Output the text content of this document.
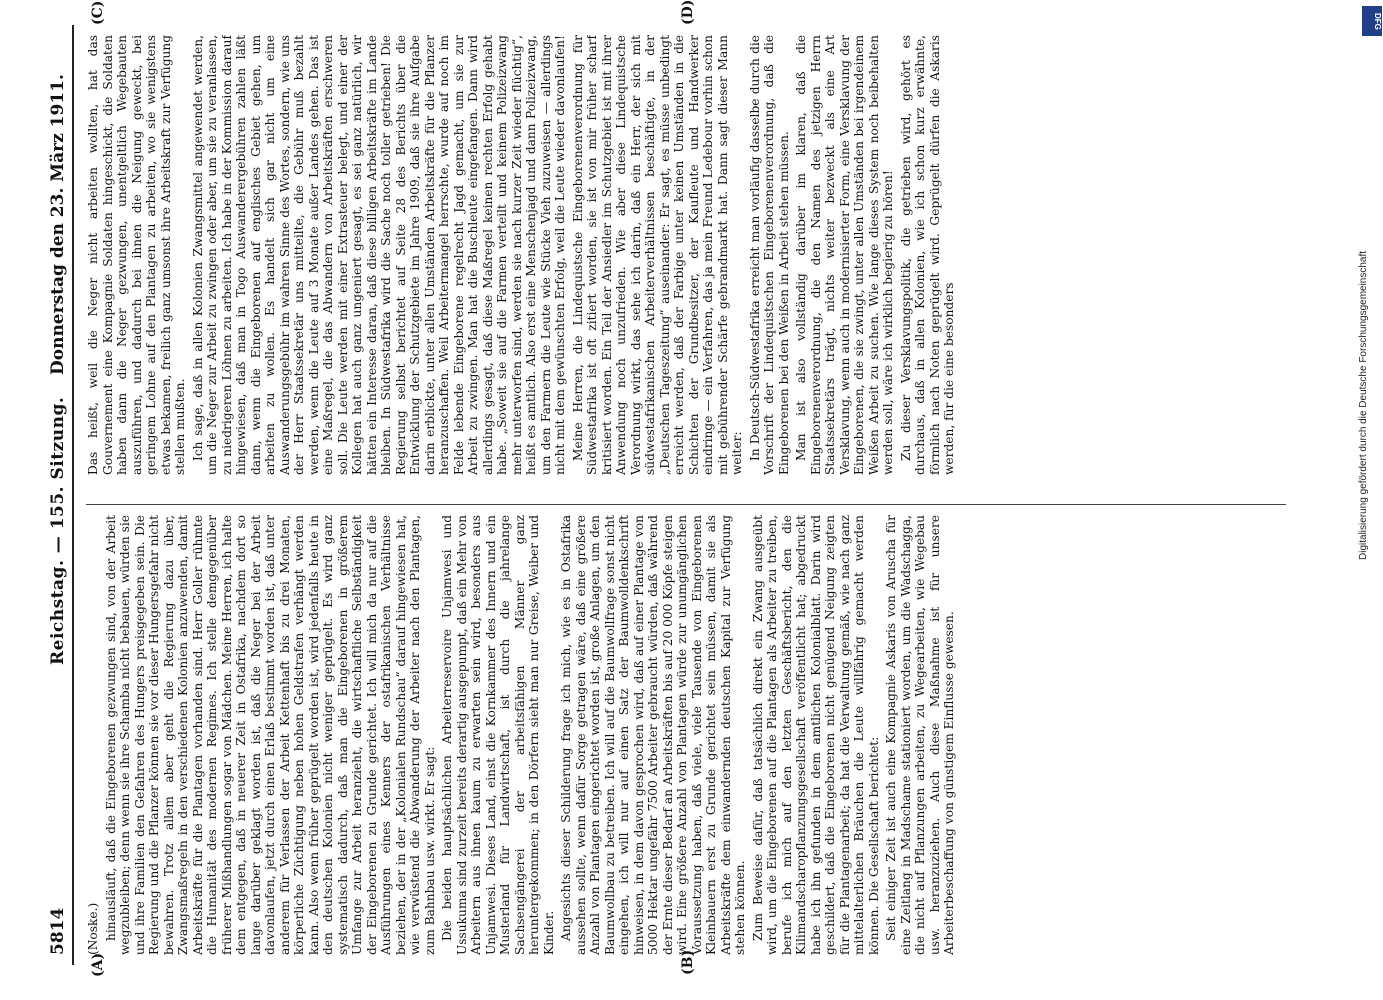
5814
Reichstag. — 155. Sitzung.
Donnerstag den 23. März 1911.
(A)	(B)
(C)	(D)

(Noske.) hinausläuft, daß die Eingeborenen gezwungen sind, von der Arbeit wegzubleiben; denn wenn sie ihre Schamba nicht bebauen, würden sie und ihre Familien den Gefahren des Hungers preisgegeben sein. Die Regierung und die Pflanzer können sie vor dieser Hungersgefahr nicht bewahren. Trotz allem aber geht die Regierung dazu über, Zwangsmaßregeln in den verschiedenen Kolonien anzuwenden, damit Arbeitskräfte für die Plantagen vorhanden sind. Herr Goller rühmte die Humanität des modernen Regimes. Ich stelle demgegenüber früherer Mißhandlungen sogar von Mädchen. Meine Herren, ich halte dem entgegen, daß in neuerer Zeit in Ostafrika, nachdem dort so lange darüber geklagt worden ist, daß die Neger bei der Arbeit davonlaufen, jetzt durch einen Erlaß bestimmt worden ist, daß unter anderem für Verlassen der Arbeit Kettenhaft bis zu drei Monaten, körperliche Züchtigung neben hohen Geldstrafen verhängt werden kann. Also wenn früher geprügelt worden ist, wird jedenfalls heute in den deutschen Kolonien nicht weniger geprügelt. Es wird ganz systematisch dadurch, daß man die Eingeborenen in größerem Umfange zur Arbeit heranzieht, die wirtschaftliche Selbständigkeit der Eingeborenen zu Grunde gerichtet. Ich will mich da nur auf die Ausführungen eines Kenners der ostafrikanischen Verhältnisse beziehen, der in der „Kolonialen Rundschau“ darauf hingewiesen hat, wie verwüstend die Abwanderung der Arbeiter nach den Plantagen, zum Bahnbau usw. wirkt. Er sagt: Die beiden hauptsächlichen Arbeiterreservoire Unjamwesi und Ussukuma sind zurzeit bereits derartig ausgepumpt, daß ein Mehr von Arbeitern aus ihnen kaum zu erwarten sein wird, besonders aus Unjamwesi. Dieses Land, einst die Kornkammer des Innern und ein Musterland für Landwirtschaft, ist durch die jahrelange Sachsengängerei der arbeitsfähigen Männer ganz heruntergekommen; in den Dörfern sieht man nur Greise, Weiber und Kinder. Angesichts dieser Schilderung frage ich mich, wie es in Ostafrika aussehen sollte, wenn dafür Sorge getragen wäre, daß eine größere Anzahl von Plantagen eingerichtet worden ist, große Anlagen, um den Baumwollbau zu betreiben. Ich will auf die Baumwollfrage sonst nicht eingehen, ich will nur auf einen Satz der Baumwolldenkschrift hinweisen, in dem davon gesprochen wird, daß auf einer Plantage von 5000 Hektar ungefähr 7500 Arbeiter gebraucht würden, daß während der Ernte dieser Bedarf an Arbeitskräften bis auf 20 000 Köpfe steigen wird. Eine größere Anzahl von Plantagen würde zur unumgänglichen Voraussetzung haben, daß viele, viele Tausende von Eingeborenen Kleinbauern erst zu Grunde gerichtet sein müssen, damit sie als Arbeitskräfte dem einwandernden deutschen Kapital zur Verfügung stehen können. Zum Beweise dafür, daß tatsächlich direkt ein Zwang ausgeübt wird, um die Eingeborenen auf die Plantagen als Arbeiter zu treiben, berufe ich mich auf den letzten Geschäftsbericht, den die Kilimandscharopflanzungsgesellschaft veröffentlicht hat; abgedruckt habe ich ihn gefunden in dem amtlichen Kolonialblatt. Darin wird geschildert, daß die Eingeborenen nicht genügend Neigung zeigten für die Plantagenarbeit; da hat die Verwaltung gemäß, wie nach ganz mittelalterlichen Bräuchen die Leute willfährig gemacht werden können. Die Gesellschaft berichtet: Seit einiger Zeit ist auch eine Kompagnie Askaris von Aruscha für eine Zeitlang in Madschame stationiert worden, um die Wadschagga, die nicht auf Pflanzungen arbeiten, zu Wegearbeiten, wie Wegebau usw. heranzuziehen. Auch diese Maßnahme ist für unsere Arbeiterbeschaffung von günstigem Einflusse gewesen.

Das heißt, weil die Neger nicht arbeiten wollten, hat das Gouvernement eine Kompagnie Soldaten hingeschickt, die Soldaten haben dann die Neger gezwungen, unentgeltlich Wegebauten auszuführen, und dadurch bei ihnen die Neigung geweckt, bei geringem Lohne auf den Plantagen zu arbeiten, wo sie wenigstens etwas bekamen, freilich ganz umsonst ihre Arbeitskraft zur Verfügung stellen mußten. Ich sage, daß in allen Kolonien Zwangsmittel angewendet werden, um die Neger zur Arbeit zu zwingen oder aber, um sie zu veranlassen, zu niedrigeren Löhnen zu arbeiten. Ich habe in der Kommission darauf hingewiesen, daß man in Togo Auswanderergebühren zahlen läßt dann, wenn die Eingeborenen auf englisches Gebiet gehen, um arbeiten zu wollen. Es handelt sich gar nicht um eine Auswanderungsgebühr im wahren Sinne des Wortes, sondern, wie uns der Herr Staatssekretär uns mitteilte, die Gebühr muß bezahlt werden, wenn die Leute auf 3 Monate außer Landes gehen. Das ist eine Maßregel, die das Abwandern von Arbeitskräften erschweren soll. Die Leute werden mit einer Extrasteuer belegt, und einer der Kollegen hat auch ganz ungeniert gesagt, es sei ganz natürlich, wir hätten ein Interesse daran, daß diese billigen Arbeitskräfte im Lande bleiben. In Südwestafrika wird die Sache noch toller getrieben! Die Regierung selbst berichtet auf Seite 28 des Berichts über die Entwicklung der Schutzgebiete im Jahre 1909, daß sie ihre Aufgabe darin erblickte, unter allen Umständen Arbeitskräfte für die Pflanzer heranzuschaffen. Weil Arbeitermangel herrschte, wurde auf noch im Felde lebende Eingeborene regelrecht Jagd gemacht, um sie zur Arbeit zu zwingen. Man hat die Buschleute eingefangen. Dann wird allerdings gesagt, daß diese Maßregel keinen rechten Erfolg gehabt habe. „Soweit sie auf die Farmen verteilt und keinem Polizeizwang mehr unterworfen sind, werden sie nach kurzer Zeit wieder flüchtig“, heißt es amtlich. Also erst eine Menschenjagd und dann Polizeizwang, um den Farmern die Leute wie Stücke Vieh zuzuweisen — allerdings nicht mit dem gewünschten Erfolg, weil die Leute wieder davonlaufen! Meine Herren, die Lindequistsche Eingeborenenverordnung für Südwestafrika ist oft zitiert worden, sie ist von mir früher scharf kritisiert worden. Ein Teil der Ansiedler im Schutzgebiet ist mit ihrer Anwendung noch unzufrieden. Wie aber diese Lindequistsche Verordnung wirkt, das sehe ich darin, daß ein Herr, der sich mit südwestafrikanischen Arbeiterverhältnissen beschäftigte, in der „Deutschen Tageszeitung“ auseinander: Er sagt, es müsse unbedingt erreicht werden, daß der Farbige unter keinen Umständen in die Schichten der Grundbesitzer, der Kaufleute und Handwerker eindringe — ein Verfahren, das ja mein Freund Ledebour vorhin schon mit gebührender Schärfe gebrandmarkt hat. Dann sagt dieser Mann weiter: In Deutsch-Südwestafrika erreicht man vorläufig dasselbe durch die Vorschrift der Lindequistschen Eingeborenenverordnung, daß die Eingeborenen bei den Weißen in Arbeit stehen müssen. Man ist also vollständig darüber im klaren, daß die Eingeborenenverordnung, die den Namen des jetzigen Herrn Staatssekretärs trägt, nichts weiter bezweckt als eine Art Versklavung, wenn auch in modernisierter Form, eine Versklavung der Eingeborenen, die sie zwingt, unter allen Umständen bei irgendeinem Weißen Arbeit zu suchen. Wie lange dieses System noch beibehalten werden soll, wäre ich wirklich begierig zu hören! Zu dieser Versklavungspolitik, die getrieben wird, gehört es durchaus, daß in allen Kolonien, wie ich schon kurz erwähnte, förmlich nach Noten geprügelt wird. Geprügelt dürfen die Askaris werden, für die eine besonders

DFG
Digitalisierung gefördert durch die Deutsche Forschungsgemeinschaft
